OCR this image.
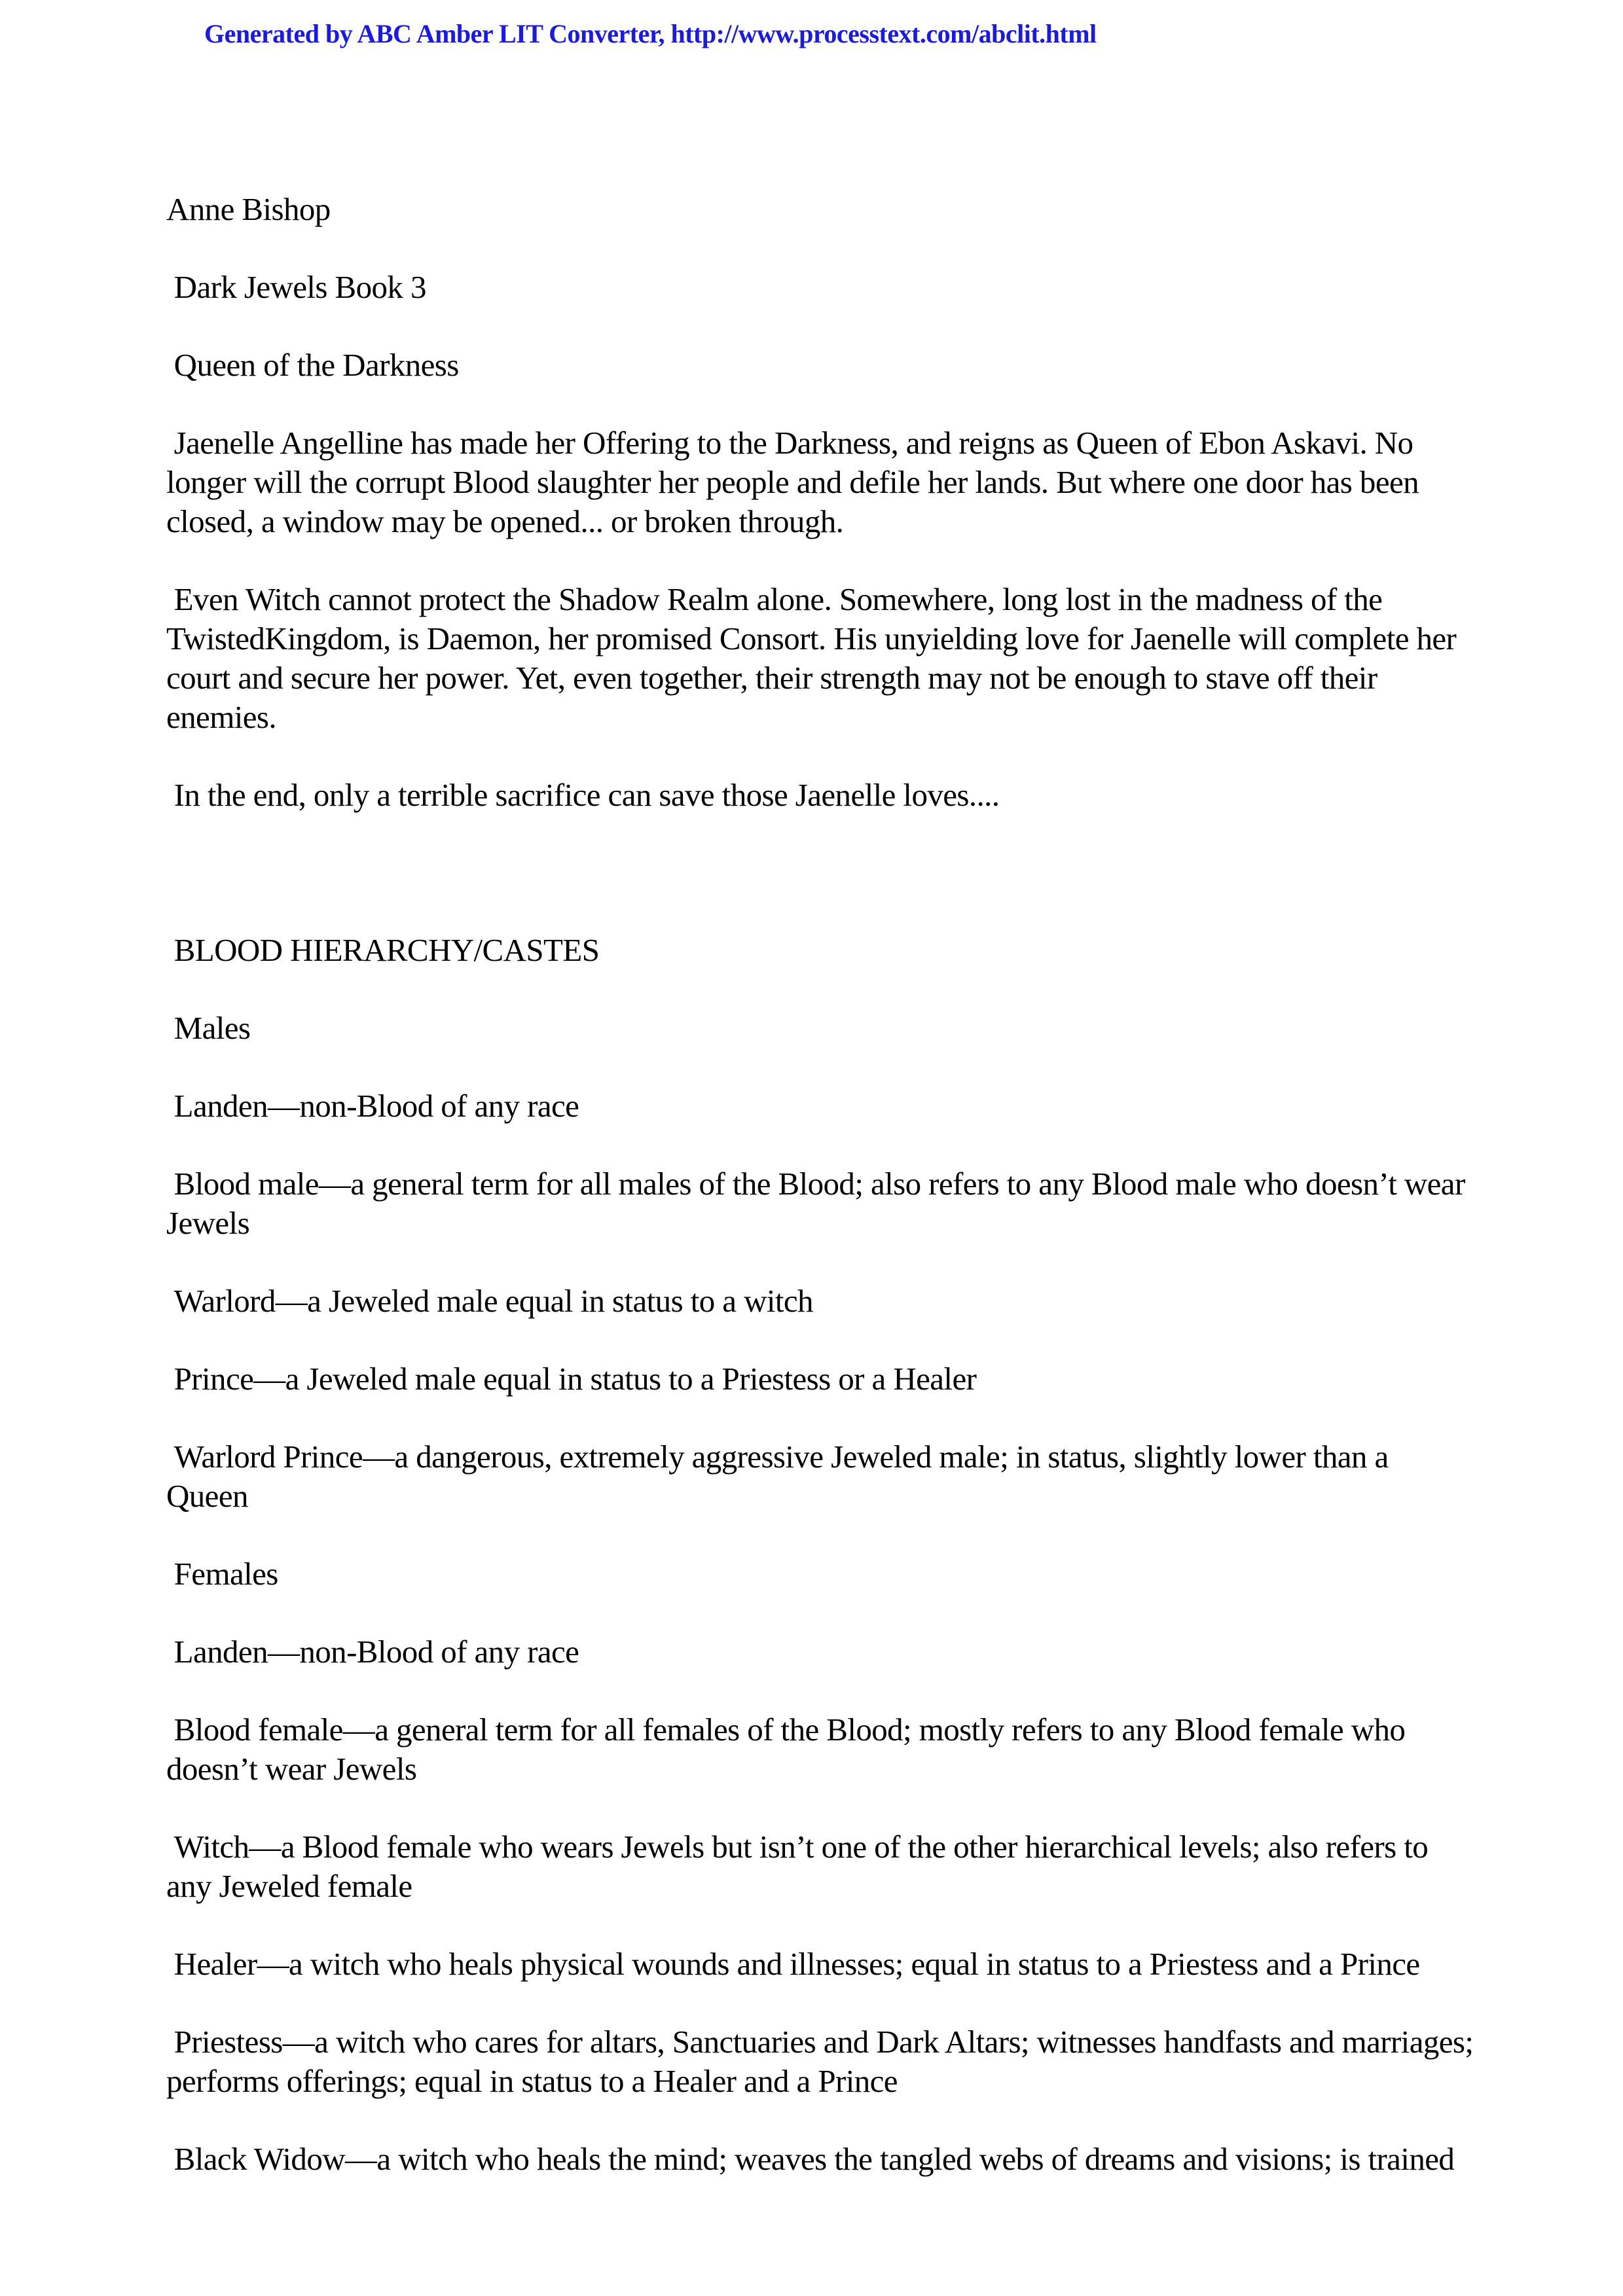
Generated by ABC Amber LIT Converter, http://www.processtext.com/abclit.html

Anne Bishop

Dark Jewels Book 3

Queen of the Darkness

Jaenelle Angelline has made her Offering to the Darkness, and reigns as Queen of Ebon Askavi. No longer will the corrupt Blood slaughter her people and defile her lands. But where one door has been closed, a window may be opened... or broken through.

Even Witch cannot protect the Shadow Realm alone. Somewhere, long lost in the madness of the TwistedKingdom, is Daemon, her promised Consort. His unyielding love for Jaenelle will complete her court and secure her power. Yet, even together, their strength may not be enough to stave off their enemies.

In the end, only a terrible sacrifice can save those Jaenelle loves....

BLOOD HIERARCHY/CASTES

Males

Landen—non-Blood of any race

Blood male—a general term for all males of the Blood; also refers to any Blood male who doesn’t wear Jewels

Warlord—a Jeweled male equal in status to a witch

Prince—a Jeweled male equal in status to a Priestess or a Healer

Warlord Prince—a dangerous, extremely aggressive Jeweled male; in status, slightly lower than a Queen

Females

Landen—non-Blood of any race

Blood female—a general term for all females of the Blood; mostly refers to any Blood female who doesn’t wear Jewels

Witch—a Blood female who wears Jewels but isn’t one of the other hierarchical levels; also refers to any Jeweled female

Healer—a witch who heals physical wounds and illnesses; equal in status to a Priestess and a Prince

Priestess—a witch who cares for altars, Sanctuaries and Dark Altars; witnesses handfasts and marriages; performs offerings; equal in status to a Healer and a Prince

Black Widow—a witch who heals the mind; weaves the tangled webs of dreams and visions; is trained
